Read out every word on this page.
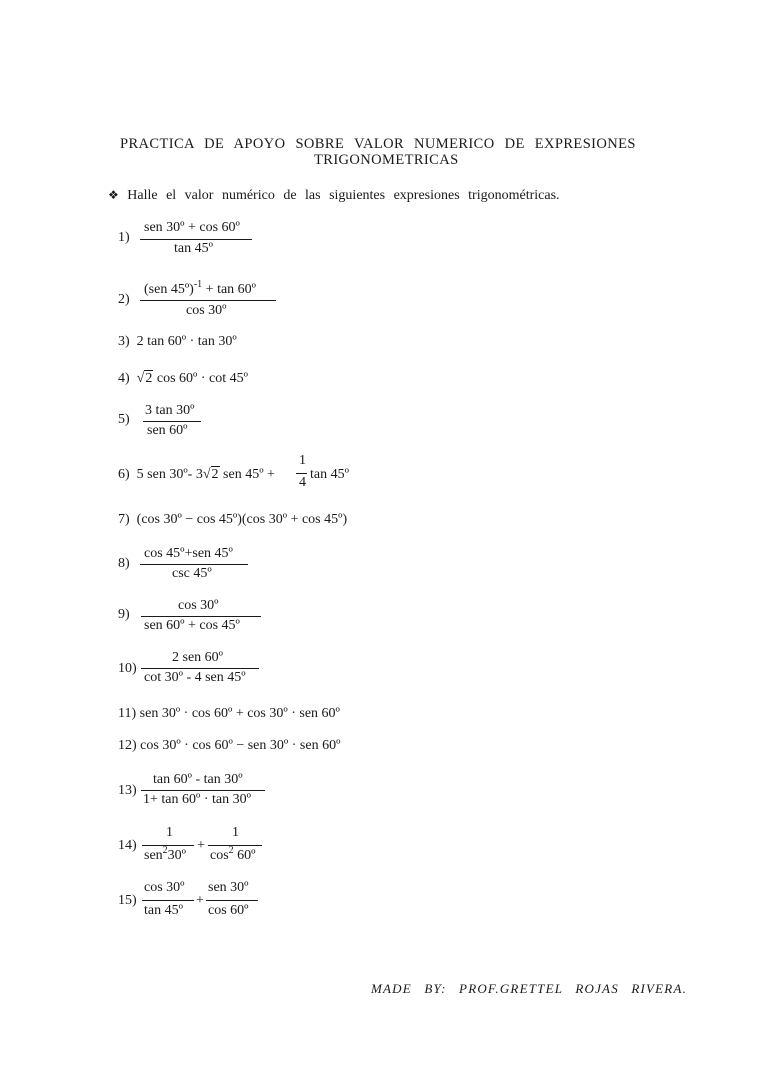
PRACTICA DE APOYO SOBRE VALOR NUMERICO DE EXPRESIONES
TRIGONOMETRICAS
❖ Halle el valor numérico de las siguientes expresiones trigonométricas.
1)
sen 30º + cos 60º
tan 45º
2)
(sen 45º)$^{-1}$ + tan 60º
cos 30º
3) 2 tan 60º · tan 30º
4) √2 cos 60º · cot 45º
5)
3 tan 30º
sen 60º
6) 5 sen 30º- 3√2 sen 45º +
1
4
tan 45º
7) (cos 30º − cos 45º)(cos 30º + cos 45º)
8)
cos 45º+sen 45º
csc 45º
9)
cos 30º
sen 60º + cos 45º
10)
2 sen 60º
cot 30º - 4 sen 45º
11) sen 30º · cos 60º + cos 30º · sen 60º
12) cos 30º · cos 60º − sen 30º · sen 60º
13)
tan 60º - tan 30º
1+ tan 60º · tan 30º
14)
1
sen$^2$30º
+
1
$\cos^2$ 60º
15)
cos 30º
tan 45º
+
sen 30º
cos 60º
MADE BY: PROF.GRETTEL ROJAS RIVERA.
